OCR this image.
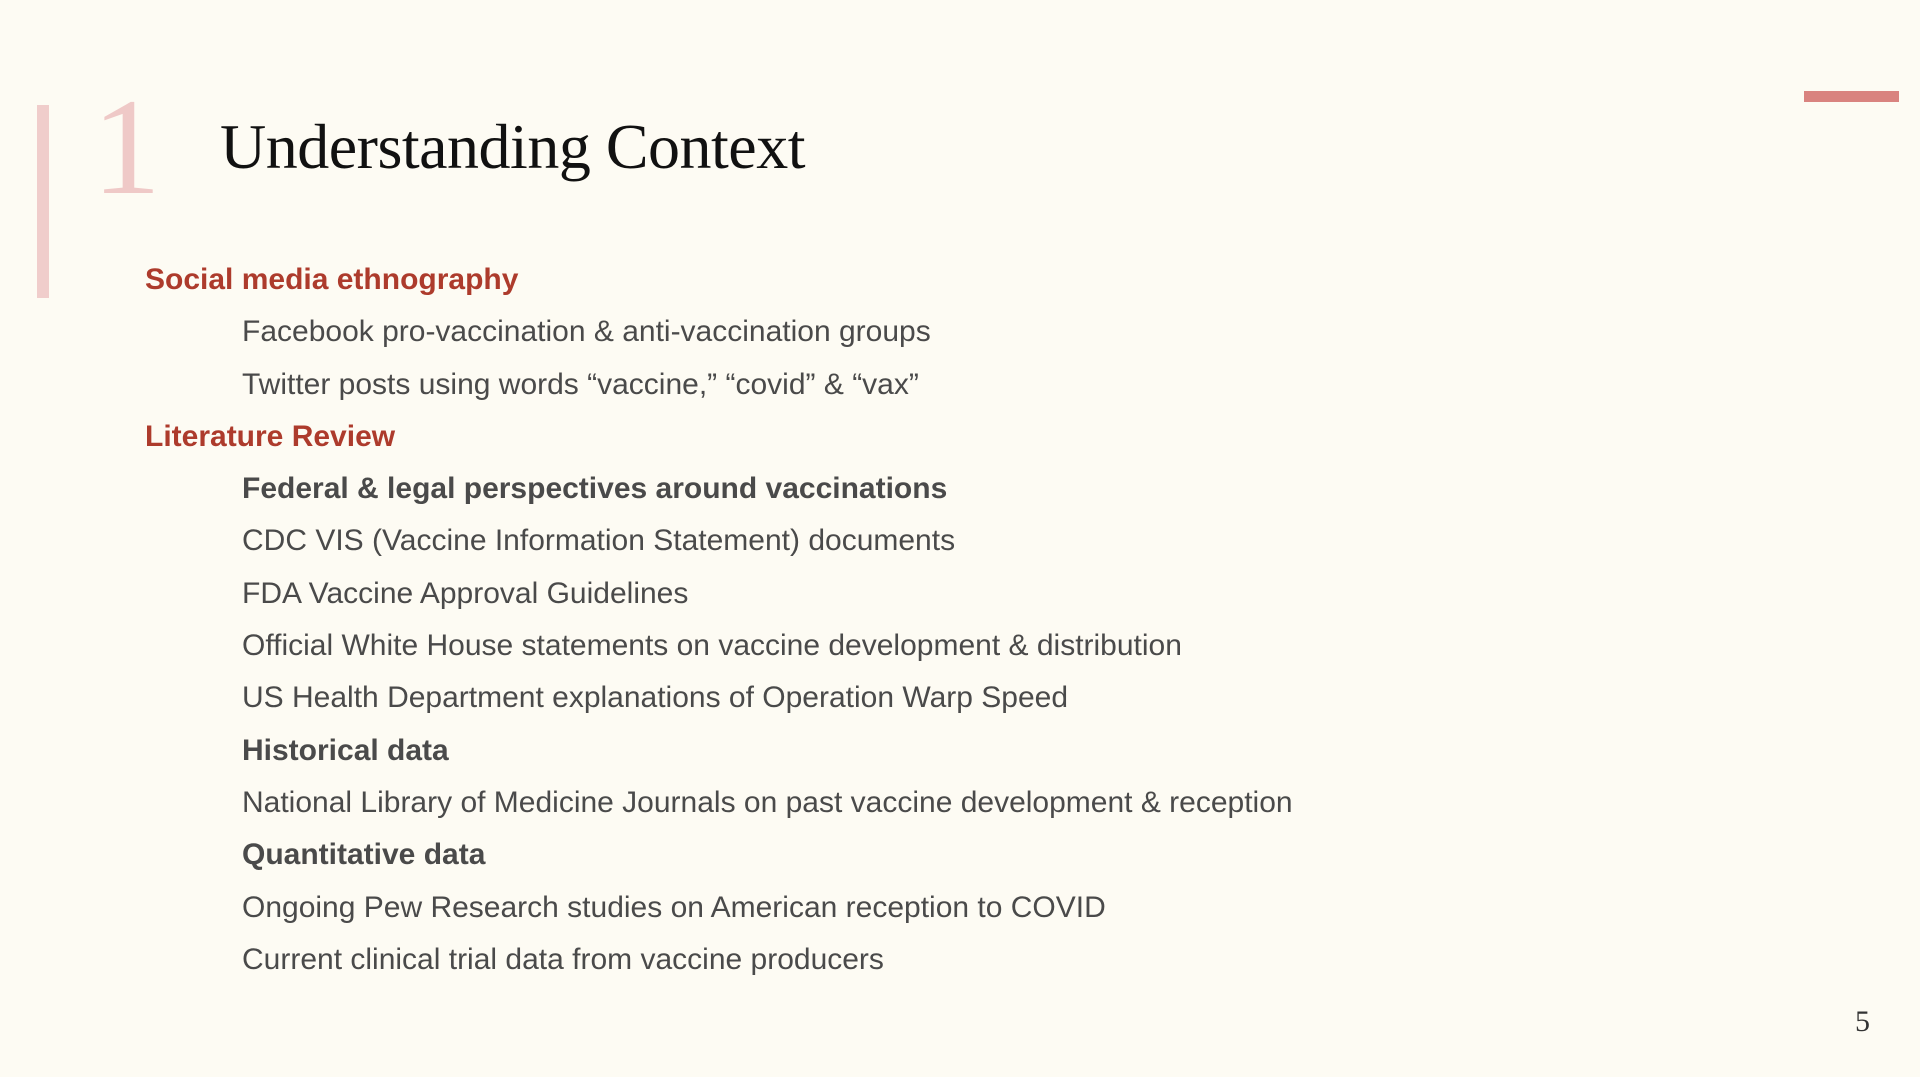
1 Understanding Context
Social media ethnography
Facebook pro-vaccination & anti-vaccination groups
Twitter posts using words “vaccine,” “covid” & “vax”
Literature Review
Federal & legal perspectives around vaccinations
CDC VIS (Vaccine Information Statement) documents
FDA Vaccine Approval Guidelines
Official White House statements on vaccine development & distribution
US Health Department explanations of Operation Warp Speed
Historical data
National Library of Medicine Journals on past vaccine development & reception
Quantitative data
Ongoing Pew Research studies on American reception to COVID
Current clinical trial data from vaccine producers
5
